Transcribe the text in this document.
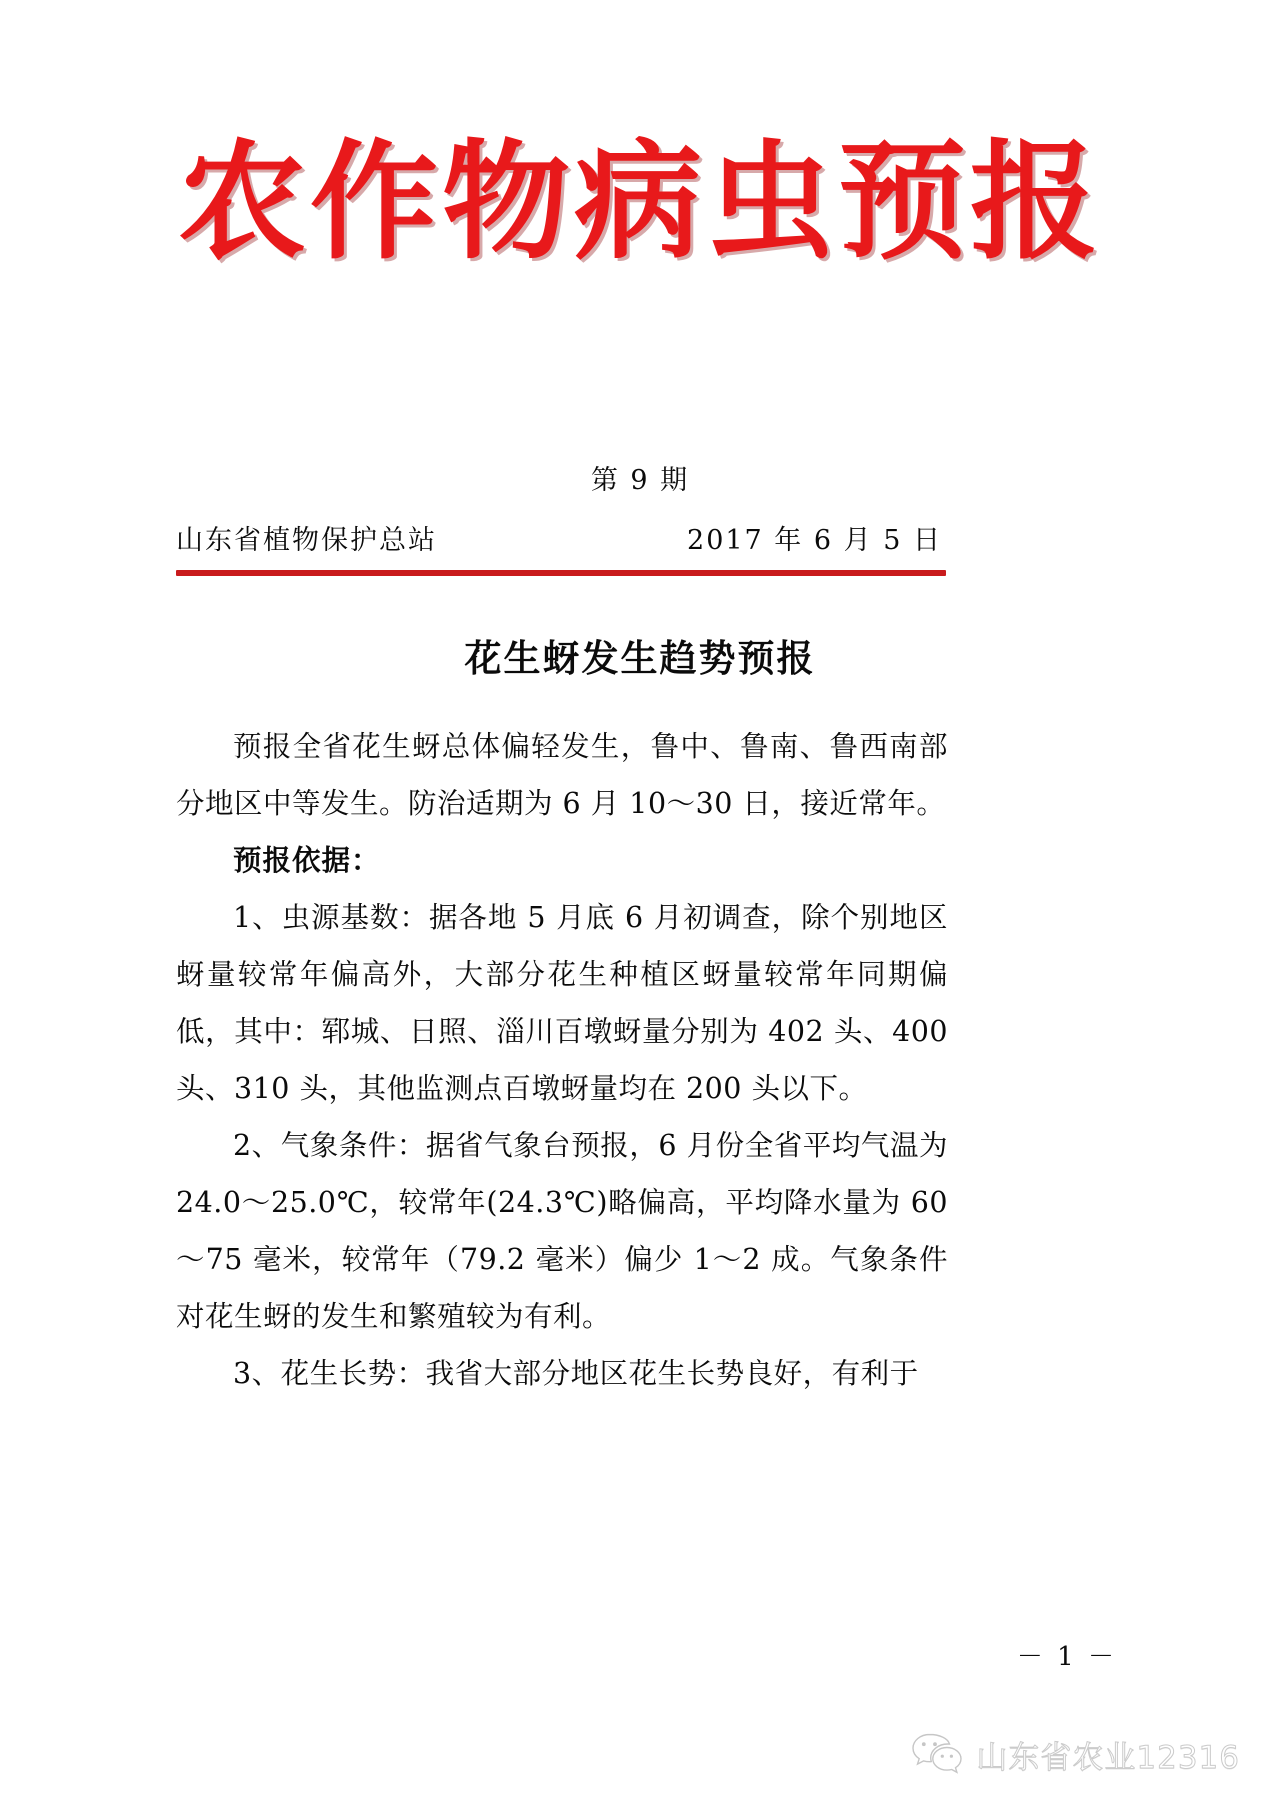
农作物病虫预报
第 9 期
山东省植物保护总站	2017 年 6 月 5 日
花生蚜发生趋势预报

预报全省花生蚜总体偏轻发生，鲁中、鲁南、鲁西南部分地区中等发生。防治适期为 6 月 10～30 日，接近常年。

预报依据：

1、虫源基数：据各地 5 月底 6 月初调查，除个别地区蚜量较常年偏高外，大部分花生种植区蚜量较常年同期偏低，其中：郓城、日照、淄川百墩蚜量分别为 402 头、400 头、310 头，其他监测点百墩蚜量均在 200 头以下。

2、气象条件：据省气象台预报，6 月份全省平均气温为 24.0～25.0℃，较常年(24.3℃)略偏高，平均降水量为 60～75 毫米，较常年（79.2 毫米）偏少 1～2 成。气象条件对花生蚜的发生和繁殖较为有利。

3、花生长势：我省大部分地区花生长势良好，有利于

－ 1 －
山东省农业12316
